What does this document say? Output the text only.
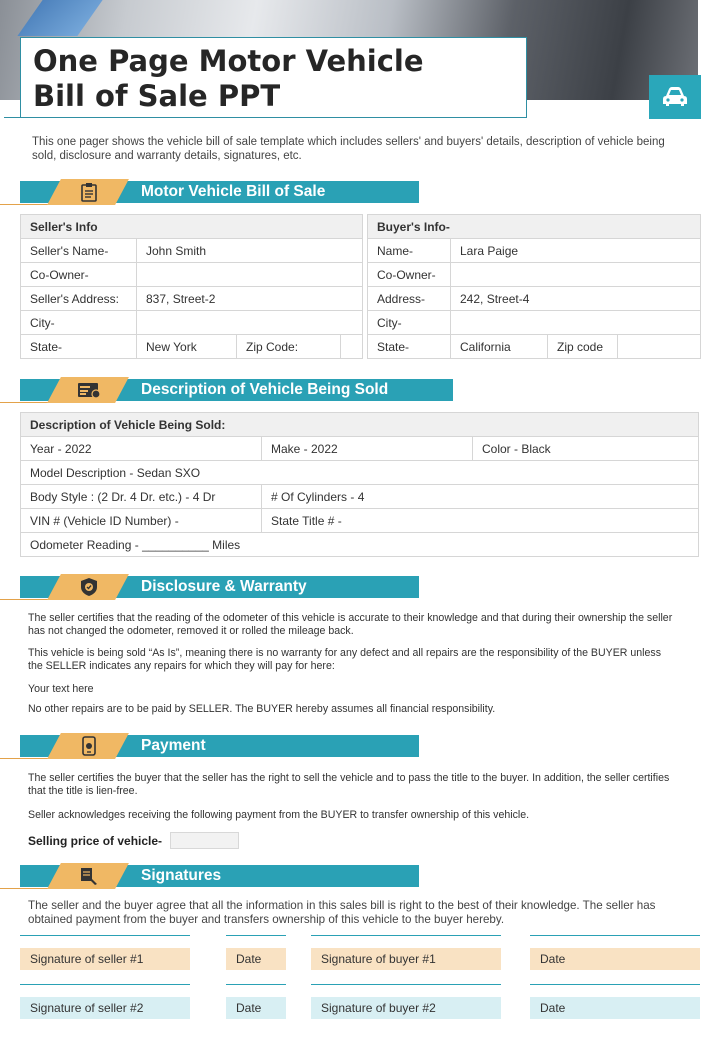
One Page Motor Vehicle
Bill of Sale PPT

This one pager shows the vehicle bill of sale template which includes sellers' and buyers' details, description of vehicle being sold, disclosure and warranty details, signatures, etc.

Motor Vehicle Bill of Sale
Seller's Info			
Seller's Name-	John Smith		
Co-Owner-			
Seller's Address:	837, Street-2		
City-			
State-	New York	Zip Code:	
Buyer's Info-			
Name-	Lara Paige		
Co-Owner-			
Address-	242, Street-4		
City-			
State-	California	Zip code	
Description of Vehicle Being Sold
Description of Vehicle Being Sold:		
Year - 2022	Make - 2022	Color - Black
Model Description - Sedan SXO		
Body Style : (2 Dr. 4 Dr. etc.) - 4 Dr	# Of Cylinders - 4	
VIN # (Vehicle ID Number) -	State Title # -	
Odometer Reading - __________ Miles		
Disclosure & Warranty

The seller certifies that the reading of the odometer of this vehicle is accurate to their knowledge and that during their ownership the seller has not changed the odometer, removed it or rolled the mileage back.

This vehicle is being sold “As Is”, meaning there is no warranty for any defect and all repairs are the responsibility of the BUYER unless the SELLER indicates any repairs for which they will pay for here:

Your text here

No other repairs are to be paid by SELLER. The BUYER hereby assumes all financial responsibility.

Payment

The seller certifies the buyer that the seller has the right to sell the vehicle and to pass the title to the buyer. In addition, the seller certifies that the title is lien-free.

Seller acknowledges receiving the following payment from the BUYER to transfer ownership of this vehicle.

Selling price of vehicle-
Signatures

The seller and the buyer agree that all the information in this sales bill is right to the best of their knowledge. The seller has obtained payment from the buyer and transfers ownership of this vehicle to the buyer hereby.

Signature of seller #1	Date	Signature of buyer #1	Date
Signature of seller #2	Date	Signature of buyer #2	Date
